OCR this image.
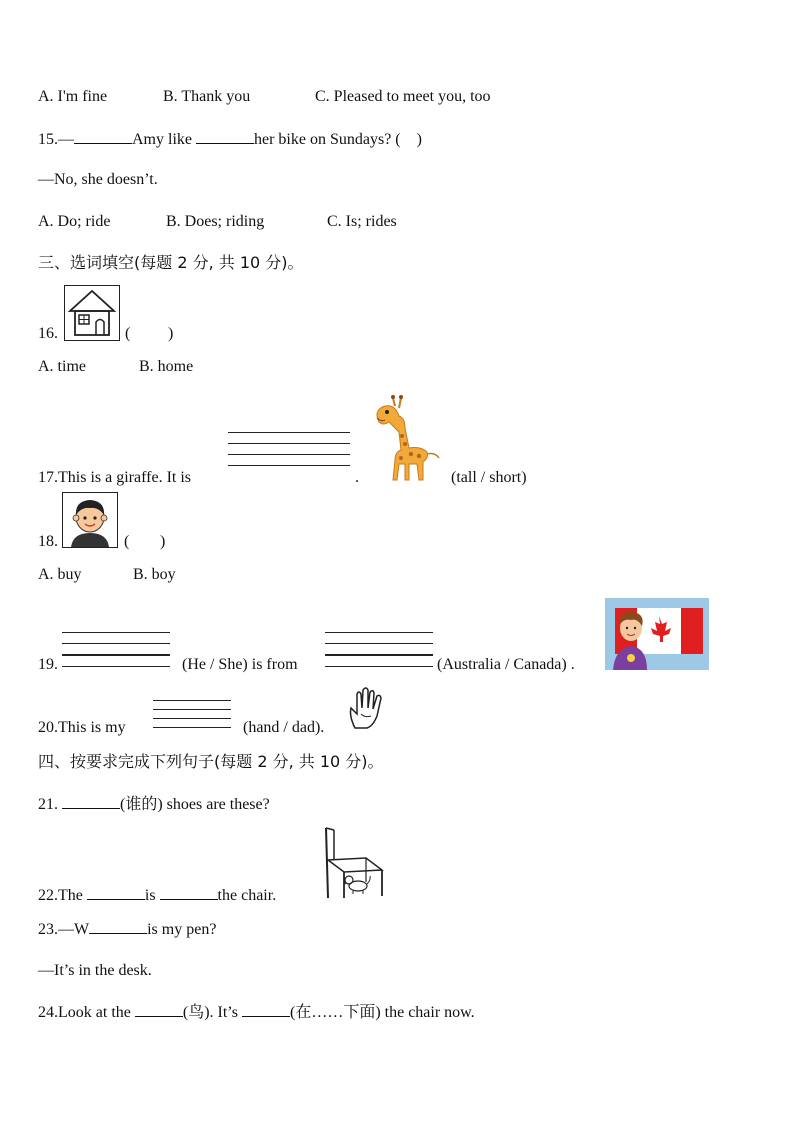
A. I'm fine	B. Thank you	C. Pleased to meet you, too
15.—	Amy like	her bike on Sundays? ( )
—No, she doesn’t.
A. Do; ride	B. Does; riding	C. Is; rides
三、选词填空(每题 2 分, 共 10 分)。
16.	( )
A. time	B. home
17.This is a giraffe. It is	.	(tall / short)
18.	( )
A. buy	B. boy
19.	(He / She) is from	(Australia / Canada) .
20.This is my	(hand / dad).
四、按要求完成下列句子(每题 2 分, 共 10 分)。
21.	(谁的) shoes are these?
22.The	is	the chair.
23.—W	is my pen?
—It’s in the desk.
24.Look at the	(鸟). It’s	(在……下面) the chair now.
